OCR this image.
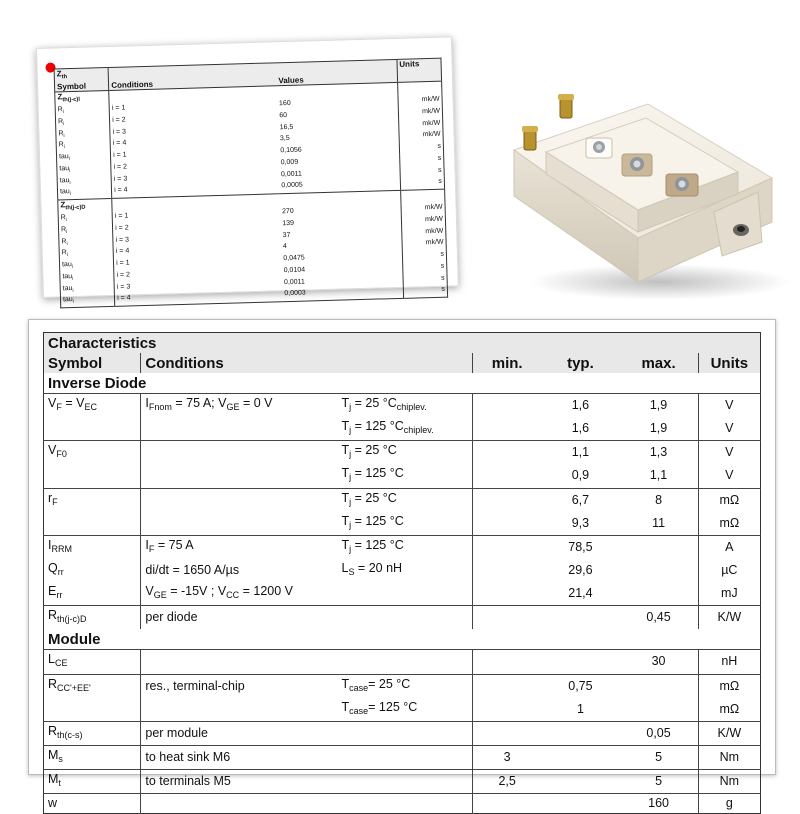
$Z_{th}$
Symbol	Conditions	Values	Units
$Z_{th(j-c)l}$			
$R_i$	i = 1	160	mk/W
$R_i$	i = 2	60	mk/W
$R_i$	i = 3	16,5	mk/W
$R_i$	i = 4	3,5	mk/W
tau$_i$	i = 1	0,1056	s
tau$_i$	i = 2	0,009	s
tau$_i$	i = 3	0,0011	s
tau$_i$	i = 4	0,0005	s
$Z_{th(j-c)D}$			
$R_i$	i = 1	270	mk/W
$R_i$	i = 2	139	mk/W
$R_i$	i = 3	37	mk/W
$R_i$	i = 4	4	mk/W
tau$_i$	i = 1	0,0475	s
tau$_i$	i = 2	0,0104	s
tau$_i$	i = 3	0,0011	s
tau$_i$	i = 4	0,0003	s
Characteristics						
Symbol	Conditions		min.	typ.	max.	Units
Inverse Diode						
$V_F = V_{EC}$	$I_{Fnom} = 75$ A; $V_{GE} = 0$ V	$T_j = 25$ $^\circ C_{chiplev.}$		1,6	1,9	V
		$T_j = 125$ $^\circ C_{chiplev.}$		1,6	1,9	V
$V_{F0}$		$T_j = 25$ °C		1,1	1,3	V
		$T_j = 125$ °C		0,9	1,1	V
$r_F$		$T_j = 25$ °C		6,7	8	mΩ
		$T_j = 125$ °C		9,3	11	mΩ
$I_{RRM}$	$I_F = 75$ A	$T_j = 125$ °C		78,5		A
$Q_{rr}$	di/dt = 1650 A/µs	$L_S = 20$ nH		29,6		µC
$E_{rr}$	$V_{GE} = -15V$ ; $V_{CC} = 1200$ V			21,4		mJ
$R_{th(j-c)D}$	per diode				0,45	K/W
Module						
$L_{CE}$					30	nH
$R_{CC'+EE'}$	res., terminal-chip	$T_{case}= 25$ °C		0,75		mΩ
		$T_{case}= 125$ °C		1		mΩ
$R_{th(c-s)}$	per module				0,05	K/W
$M_s$	to heat sink M6		3		5	Nm
$M_t$	to terminals M5		2,5		5	Nm
w					160	g
